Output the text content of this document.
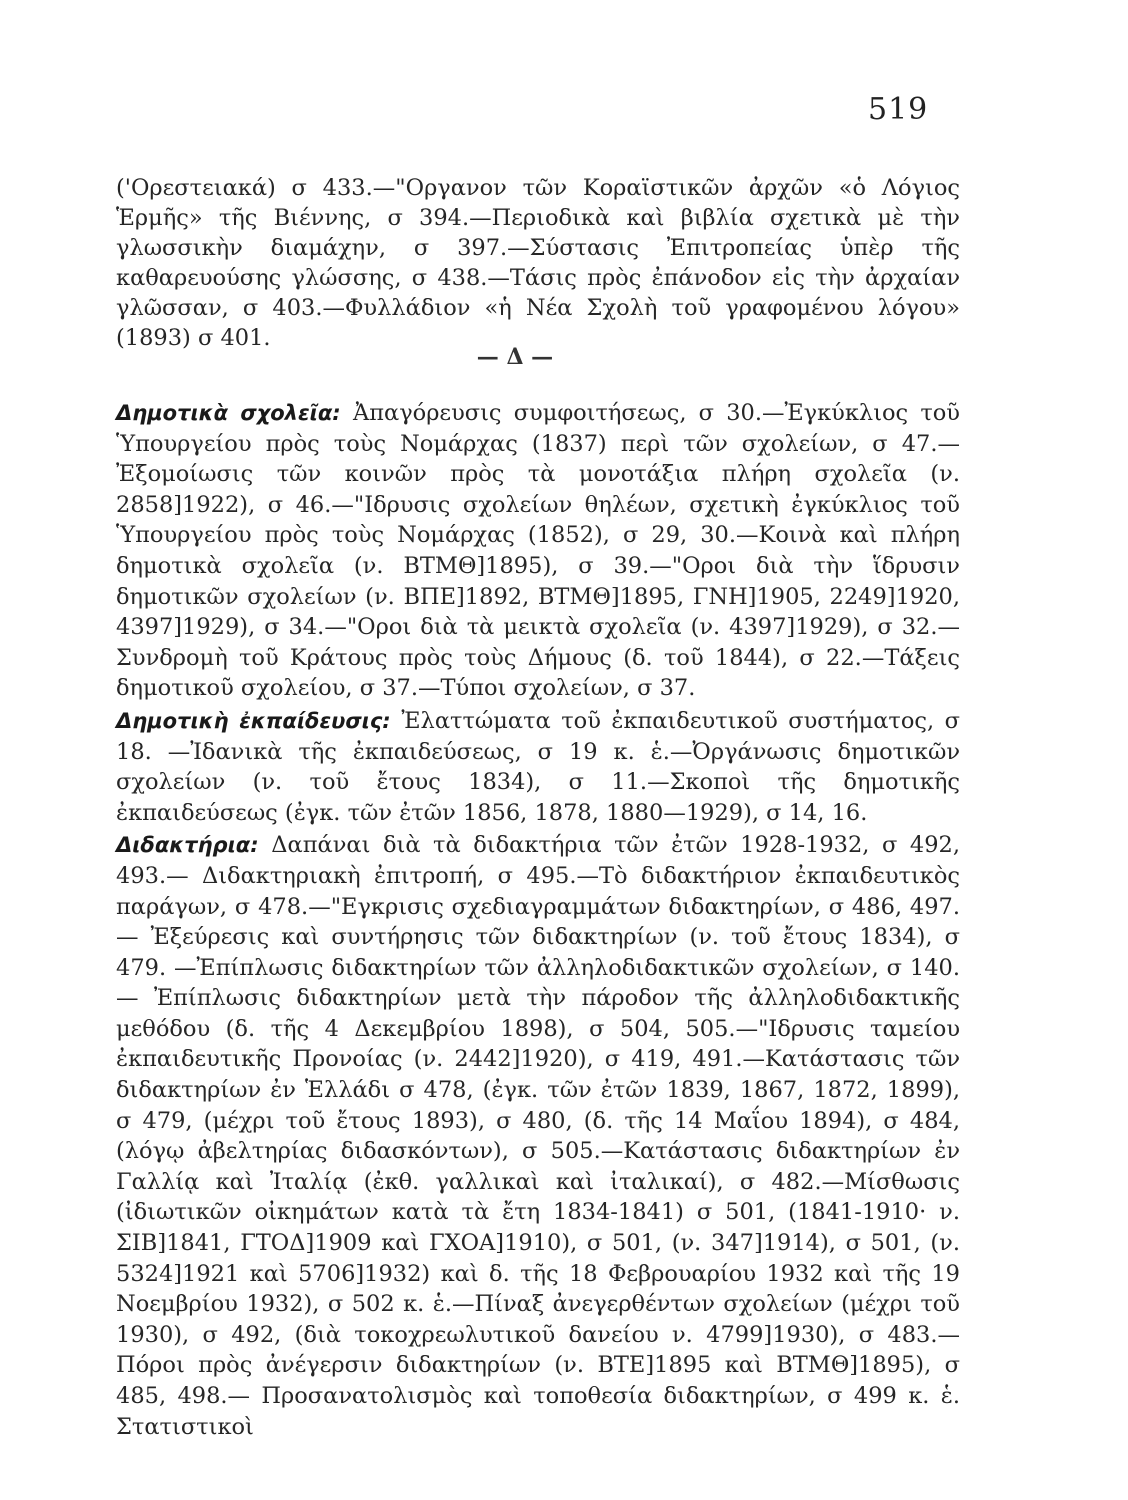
519

('Ορεστειακά) σ 433.—"Οργανον τῶν Κοραϊστικῶν ἀρχῶν «ὁ Λόγιος Ἑρμῆς» τῆς Βιέννης, σ 394.—Περιοδικὰ καὶ βιβλία σχετικὰ μὲ τὴν γλωσσικὴν διαμάχην, σ 397.—Σύστασις Ἐπιτροπείας ὑπὲρ τῆς καθαρευούσης γλώσσης, σ 438.—Τάσις πρὸς ἐπάνοδον εἰς τὴν ἀρχαίαν γλῶσσαν, σ 403.—Φυλλάδιον «ἡ Νέα Σχολὴ τοῦ γραφομένου λόγου» (1893) σ 401.

— Δ —

Δημοτικὰ σχολεῖα: Ἀπαγόρευσις συμφοιτήσεως, σ 30.—Ἐγκύκλιος τοῦ Ὑπουργείου πρὸς τοὺς Νομάρχας (1837) περὶ τῶν σχολείων, σ 47.—Ἐξομοίωσις τῶν κοινῶν πρὸς τὰ μονοτάξια πλήρη σχολεῖα (ν. 2858]1922), σ 46.—"Ιδρυσις σχολείων θηλέων, σχετικὴ ἐγκύκλιος τοῦ Ὑπουργείου πρὸς τοὺς Νομάρχας (1852), σ 29, 30.—Κοινὰ καὶ πλήρη δημοτικὰ σχολεῖα (ν. ΒΤΜΘ]1895), σ 39.—"Οροι διὰ τὴν ἵδρυσιν δημοτικῶν σχολείων (ν. ΒΠΕ]1892, ΒΤΜΘ]1895, ΓΝΗ]1905, 2249]1920, 4397]1929), σ 34.—"Οροι διὰ τὰ μεικτὰ σχολεῖα (ν. 4397]1929), σ 32.—Συνδρομὴ τοῦ Κράτους πρὸς τοὺς Δήμους (δ. τοῦ 1844), σ 22.—Τάξεις δημοτικοῦ σχολείου, σ 37.—Τύποι σχολείων, σ 37.

Δημοτικὴ ἐκπαίδευσις: Ἐλαττώματα τοῦ ἐκπαιδευτικοῦ συστήματος, σ 18. —Ἰδανικὰ τῆς ἐκπαιδεύσεως, σ 19 κ. ἑ.—Ὀργάνωσις δημοτικῶν σχολείων (ν. τοῦ ἔτους 1834), σ 11.—Σκοποὶ τῆς δημοτικῆς ἐκπαιδεύσεως (ἐγκ. τῶν ἐτῶν 1856, 1878, 1880—1929), σ 14, 16.

Διδακτήρια: Δαπάναι διὰ τὰ διδακτήρια τῶν ἐτῶν 1928-1932, σ 492, 493.— Διδακτηριακὴ ἐπιτροπή, σ 495.—Τὸ διδακτήριον ἐκπαιδευτικὸς παράγων, σ 478.—"Εγκρισις σχεδιαγραμμάτων διδακτηρίων, σ 486, 497.— Ἐξεύρεσις καὶ συντήρησις τῶν διδακτηρίων (ν. τοῦ ἔτους 1834), σ 479. —Ἐπίπλωσις διδακτηρίων τῶν ἀλληλοδιδακτικῶν σχολείων, σ 140.— Ἐπίπλωσις διδακτηρίων μετὰ τὴν πάροδον τῆς ἀλληλοδιδακτικῆς μεθόδου (δ. τῆς 4 Δεκεμβρίου 1898), σ 504, 505.—"Ιδρυσις ταμείου ἐκπαιδευτικῆς Προνοίας (ν. 2442]1920), σ 419, 491.—Κατάστασις τῶν διδακτηρίων ἐν Ἑλλάδι σ 478, (ἐγκ. τῶν ἐτῶν 1839, 1867, 1872, 1899), σ 479, (μέχρι τοῦ ἔτους 1893), σ 480, (δ. τῆς 14 Μαΐου 1894), σ 484, (λόγῳ ἀβελτηρίας διδασκόντων), σ 505.—Κατάστασις διδακτηρίων ἐν Γαλλίᾳ καὶ Ἰταλίᾳ (ἐκθ. γαλλικαὶ καὶ ἰταλικαί), σ 482.—Μίσθωσις (ἰδιωτικῶν οἰκημάτων κατὰ τὰ ἔτη 1834-1841) σ 501, (1841-1910· ν. ΣΙΒ]1841, ΓΤΟΔ]1909 καὶ ΓΧΟΑ]1910), σ 501, (ν. 347]1914), σ 501, (ν. 5324]1921 καὶ 5706]1932) καὶ δ. τῆς 18 Φεβρουαρίου 1932 καὶ τῆς 19 Νοεμβρίου 1932), σ 502 κ. ἑ.—Πίναξ ἀνεγερθέντων σχολείων (μέχρι τοῦ 1930), σ 492, (διὰ τοκοχρεωλυτικοῦ δανείου ν. 4799]1930), σ 483.—Πόροι πρὸς ἀνέγερσιν διδακτηρίων (ν. ΒΤΕ]1895 καὶ ΒΤΜΘ]1895), σ 485, 498.— Προσανατολισμὸς καὶ τοποθεσία διδακτηρίων, σ 499 κ. ἑ. Στατιστικοὶ
